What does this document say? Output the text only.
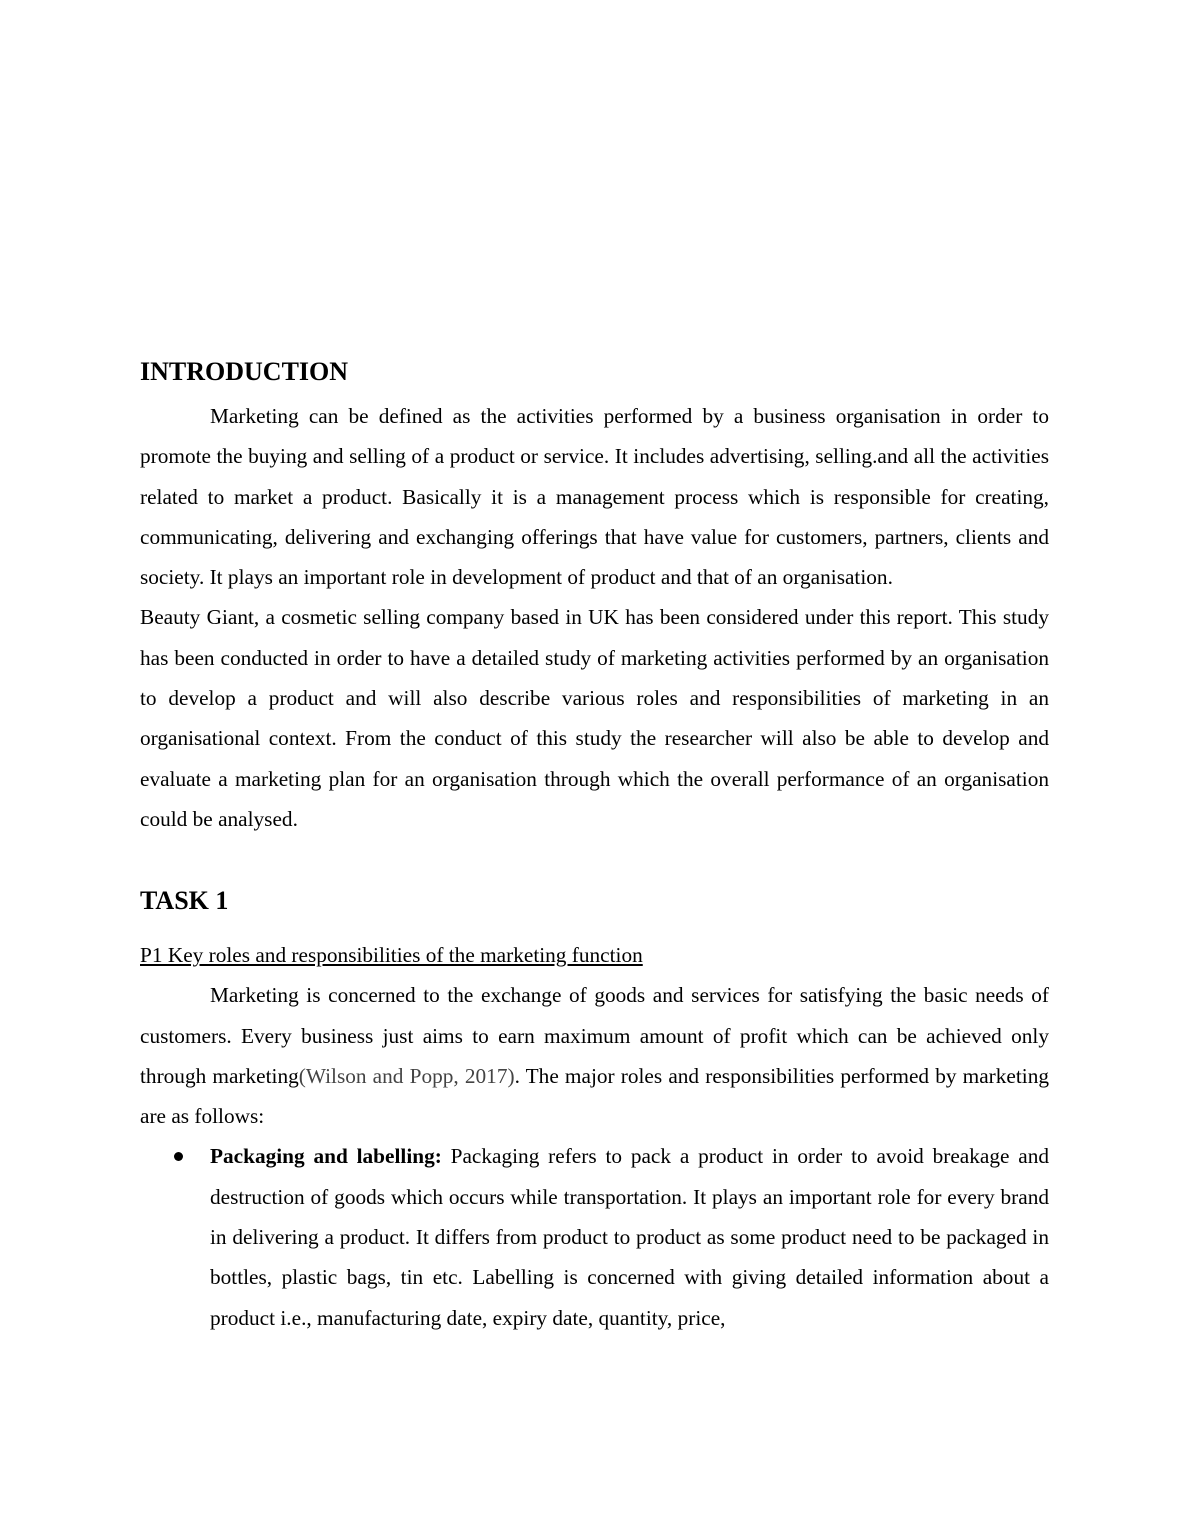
INTRODUCTION

Marketing can be defined as the activities performed by a business organisation in order to promote the buying and selling of a product or service. It includes advertising, selling.and all the activities related to market a product. Basically it is a management process which is responsible for creating, communicating, delivering and exchanging offerings that have value for customers, partners, clients and society. It plays an important role in development of product and that of an organisation.

Beauty Giant, a cosmetic selling company based in UK has been considered under this report. This study has been conducted in order to have a detailed study of marketing activities performed by an organisation to develop a product and will also describe various roles and responsibilities of marketing in an organisational context. From the conduct of this study the researcher will also be able to develop and evaluate a marketing plan for an organisation through which the overall performance of an organisation could be analysed.

TASK 1

P1 Key roles and responsibilities of the marketing function

Marketing is concerned to the exchange of goods and services for satisfying the basic needs of customers. Every business just aims to earn maximum amount of profit which can be achieved only through marketing(Wilson and Popp, 2017). The major roles and responsibilities performed by marketing are as follows:

Packaging and labelling: Packaging refers to pack a product in order to avoid breakage and destruction of goods which occurs while transportation. It plays an important role for every brand in delivering a product. It differs from product to product as some product need to be packaged in bottles, plastic bags, tin etc. Labelling is concerned with giving detailed information about a product i.e., manufacturing date, expiry date, quantity, price,
